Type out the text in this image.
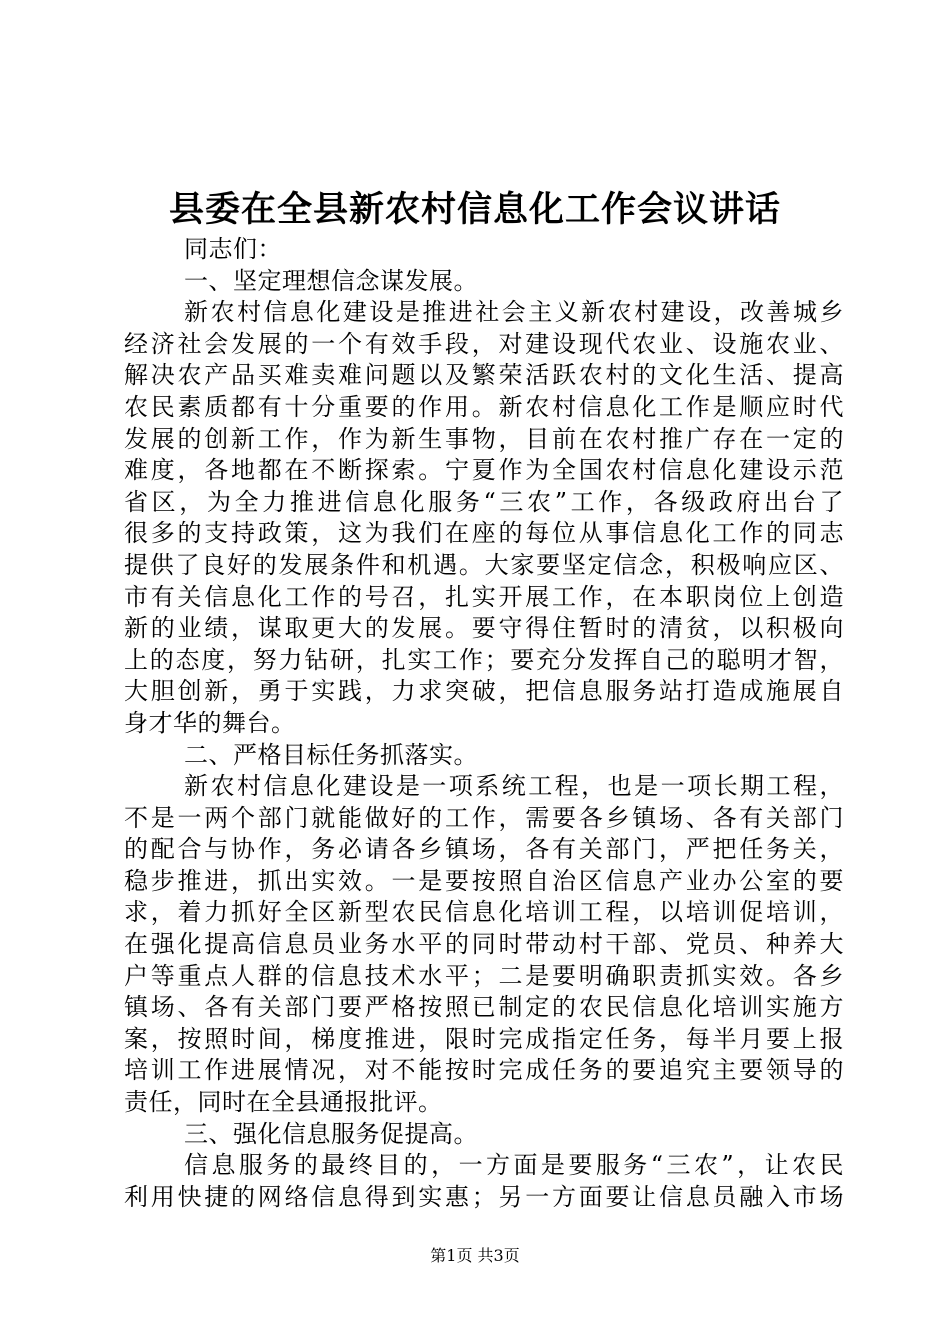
县委在全县新农村信息化工作会议讲话
同志们：
一、坚定理想信念谋发展。
新农村信息化建设是推进社会主义新农村建设，改善城乡
经济社会发展的一个有效手段，对建设现代农业、设施农业、
解决农产品买难卖难问题以及繁荣活跃农村的文化生活、提高
农民素质都有十分重要的作用。新农村信息化工作是顺应时代
发展的创新工作，作为新生事物，目前在农村推广存在一定的
难度，各地都在不断探索。宁夏作为全国农村信息化建设示范
省区，为全力推进信息化服务“三农”工作，各级政府出台了
很多的支持政策，这为我们在座的每位从事信息化工作的同志
提供了良好的发展条件和机遇。大家要坚定信念，积极响应区、
市有关信息化工作的号召，扎实开展工作，在本职岗位上创造
新的业绩，谋取更大的发展。要守得住暂时的清贫，以积极向
上的态度，努力钻研，扎实工作；要充分发挥自己的聪明才智，
大胆创新，勇于实践，力求突破，把信息服务站打造成施展自
身才华的舞台。
二、严格目标任务抓落实。
新农村信息化建设是一项系统工程，也是一项长期工程，
不是一两个部门就能做好的工作，需要各乡镇场、各有关部门
的配合与协作，务必请各乡镇场，各有关部门，严把任务关，
稳步推进，抓出实效。一是要按照自治区信息产业办公室的要
求，着力抓好全区新型农民信息化培训工程，以培训促培训，
在强化提高信息员业务水平的同时带动村干部、党员、种养大
户等重点人群的信息技术水平；二是要明确职责抓实效。各乡
镇场、各有关部门要严格按照已制定的农民信息化培训实施方
案，按照时间，梯度推进，限时完成指定任务，每半月要上报
培训工作进展情况，对不能按时完成任务的要追究主要领导的
责任，同时在全县通报批评。
三、强化信息服务促提高。
信息服务的最终目的，一方面是要服务“三农”，让农民
利用快捷的网络信息得到实惠；另一方面要让信息员融入市场
第1页 共3页
